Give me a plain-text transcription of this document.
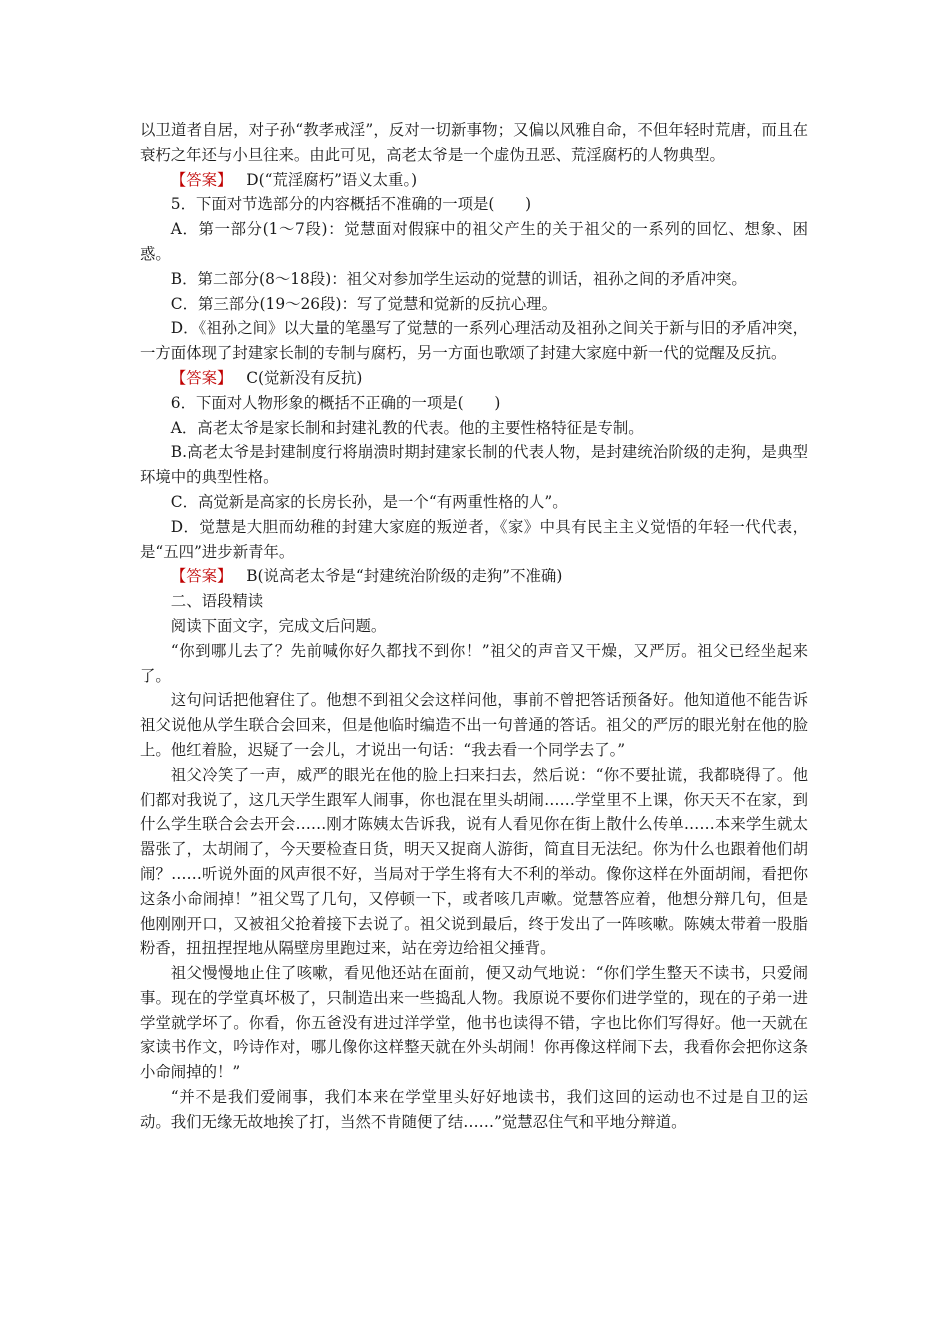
以卫道者自居，对子孙“教孝戒淫”，反对一切新事物；又偏以风雅自命，不但年轻时荒唐，而且在衰朽之年还与小旦往来。由此可见，高老太爷是一个虚伪丑恶、荒淫腐朽的人物典型。

【答案】 D(“荒淫腐朽”语义太重。)

5．下面对节选部分的内容概括不准确的一项是(　　)

A．第一部分(1～7段)：觉慧面对假寐中的祖父产生的关于祖父的一系列的回忆、想象、困惑。

B．第二部分(8～18段)：祖父对参加学生运动的觉慧的训话，祖孙之间的矛盾冲突。

C．第三部分(19～26段)：写了觉慧和觉新的反抗心理。

D．《祖孙之间》以大量的笔墨写了觉慧的一系列心理活动及祖孙之间关于新与旧的矛盾冲突，一方面体现了封建家长制的专制与腐朽，另一方面也歌颂了封建大家庭中新一代的觉醒及反抗。

【答案】 C(觉新没有反抗)

6．下面对人物形象的概括不正确的一项是(　　)

A．高老太爷是家长制和封建礼教的代表。他的主要性格特征是专制。

B.高老太爷是封建制度行将崩溃时期封建家长制的代表人物，是封建统治阶级的走狗，是典型环境中的典型性格。

C．高觉新是高家的长房长孙，是一个“有两重性格的人”。

D．觉慧是大胆而幼稚的封建大家庭的叛逆者，《家》中具有民主主义觉悟的年轻一代代表，是“五四”进步新青年。

【答案】 B(说高老太爷是“封建统治阶级的走狗”不准确)

二、语段精读

阅读下面文字，完成文后问题。

“你到哪儿去了？先前喊你好久都找不到你！”祖父的声音又干燥，又严厉。祖父已经坐起来了。

这句问话把他窘住了。他想不到祖父会这样问他，事前不曾把答话预备好。他知道他不能告诉祖父说他从学生联合会回来，但是他临时编造不出一句普通的答话。祖父的严厉的眼光射在他的脸上。他红着脸，迟疑了一会儿，才说出一句话：“我去看一个同学去了。”

祖父冷笑了一声，威严的眼光在他的脸上扫来扫去，然后说：“你不要扯谎，我都晓得了。他们都对我说了，这几天学生跟军人闹事，你也混在里头胡闹……学堂里不上课，你天天不在家，到什么学生联合会去开会……刚才陈姨太告诉我，说有人看见你在街上散什么传单……本来学生就太嚣张了，太胡闹了，今天要检查日货，明天又捉商人游街，简直目无法纪。你为什么也跟着他们胡闹？……听说外面的风声很不好，当局对于学生将有大不利的举动。像你这样在外面胡闹，看把你这条小命闹掉！”祖父骂了几句，又停顿一下，或者咳几声嗽。觉慧答应着，他想分辩几句，但是他刚刚开口，又被祖父抢着接下去说了。祖父说到最后，终于发出了一阵咳嗽。陈姨太带着一股脂粉香，扭扭捏捏地从隔壁房里跑过来，站在旁边给祖父捶背。

祖父慢慢地止住了咳嗽，看见他还站在面前，便又动气地说：“你们学生整天不读书，只爱闹事。现在的学堂真坏极了，只制造出来一些捣乱人物。我原说不要你们进学堂的，现在的子弟一进学堂就学坏了。你看，你五爸没有进过洋学堂，他书也读得不错，字也比你们写得好。他一天就在家读书作文，吟诗作对，哪儿像你这样整天就在外头胡闹！你再像这样闹下去，我看你会把你这条小命闹掉的！”

“并不是我们爱闹事，我们本来在学堂里头好好地读书，我们这回的运动也不过是自卫的运动。我们无缘无故地挨了打，当然不肯随便了结……”觉慧忍住气和平地分辩道。
